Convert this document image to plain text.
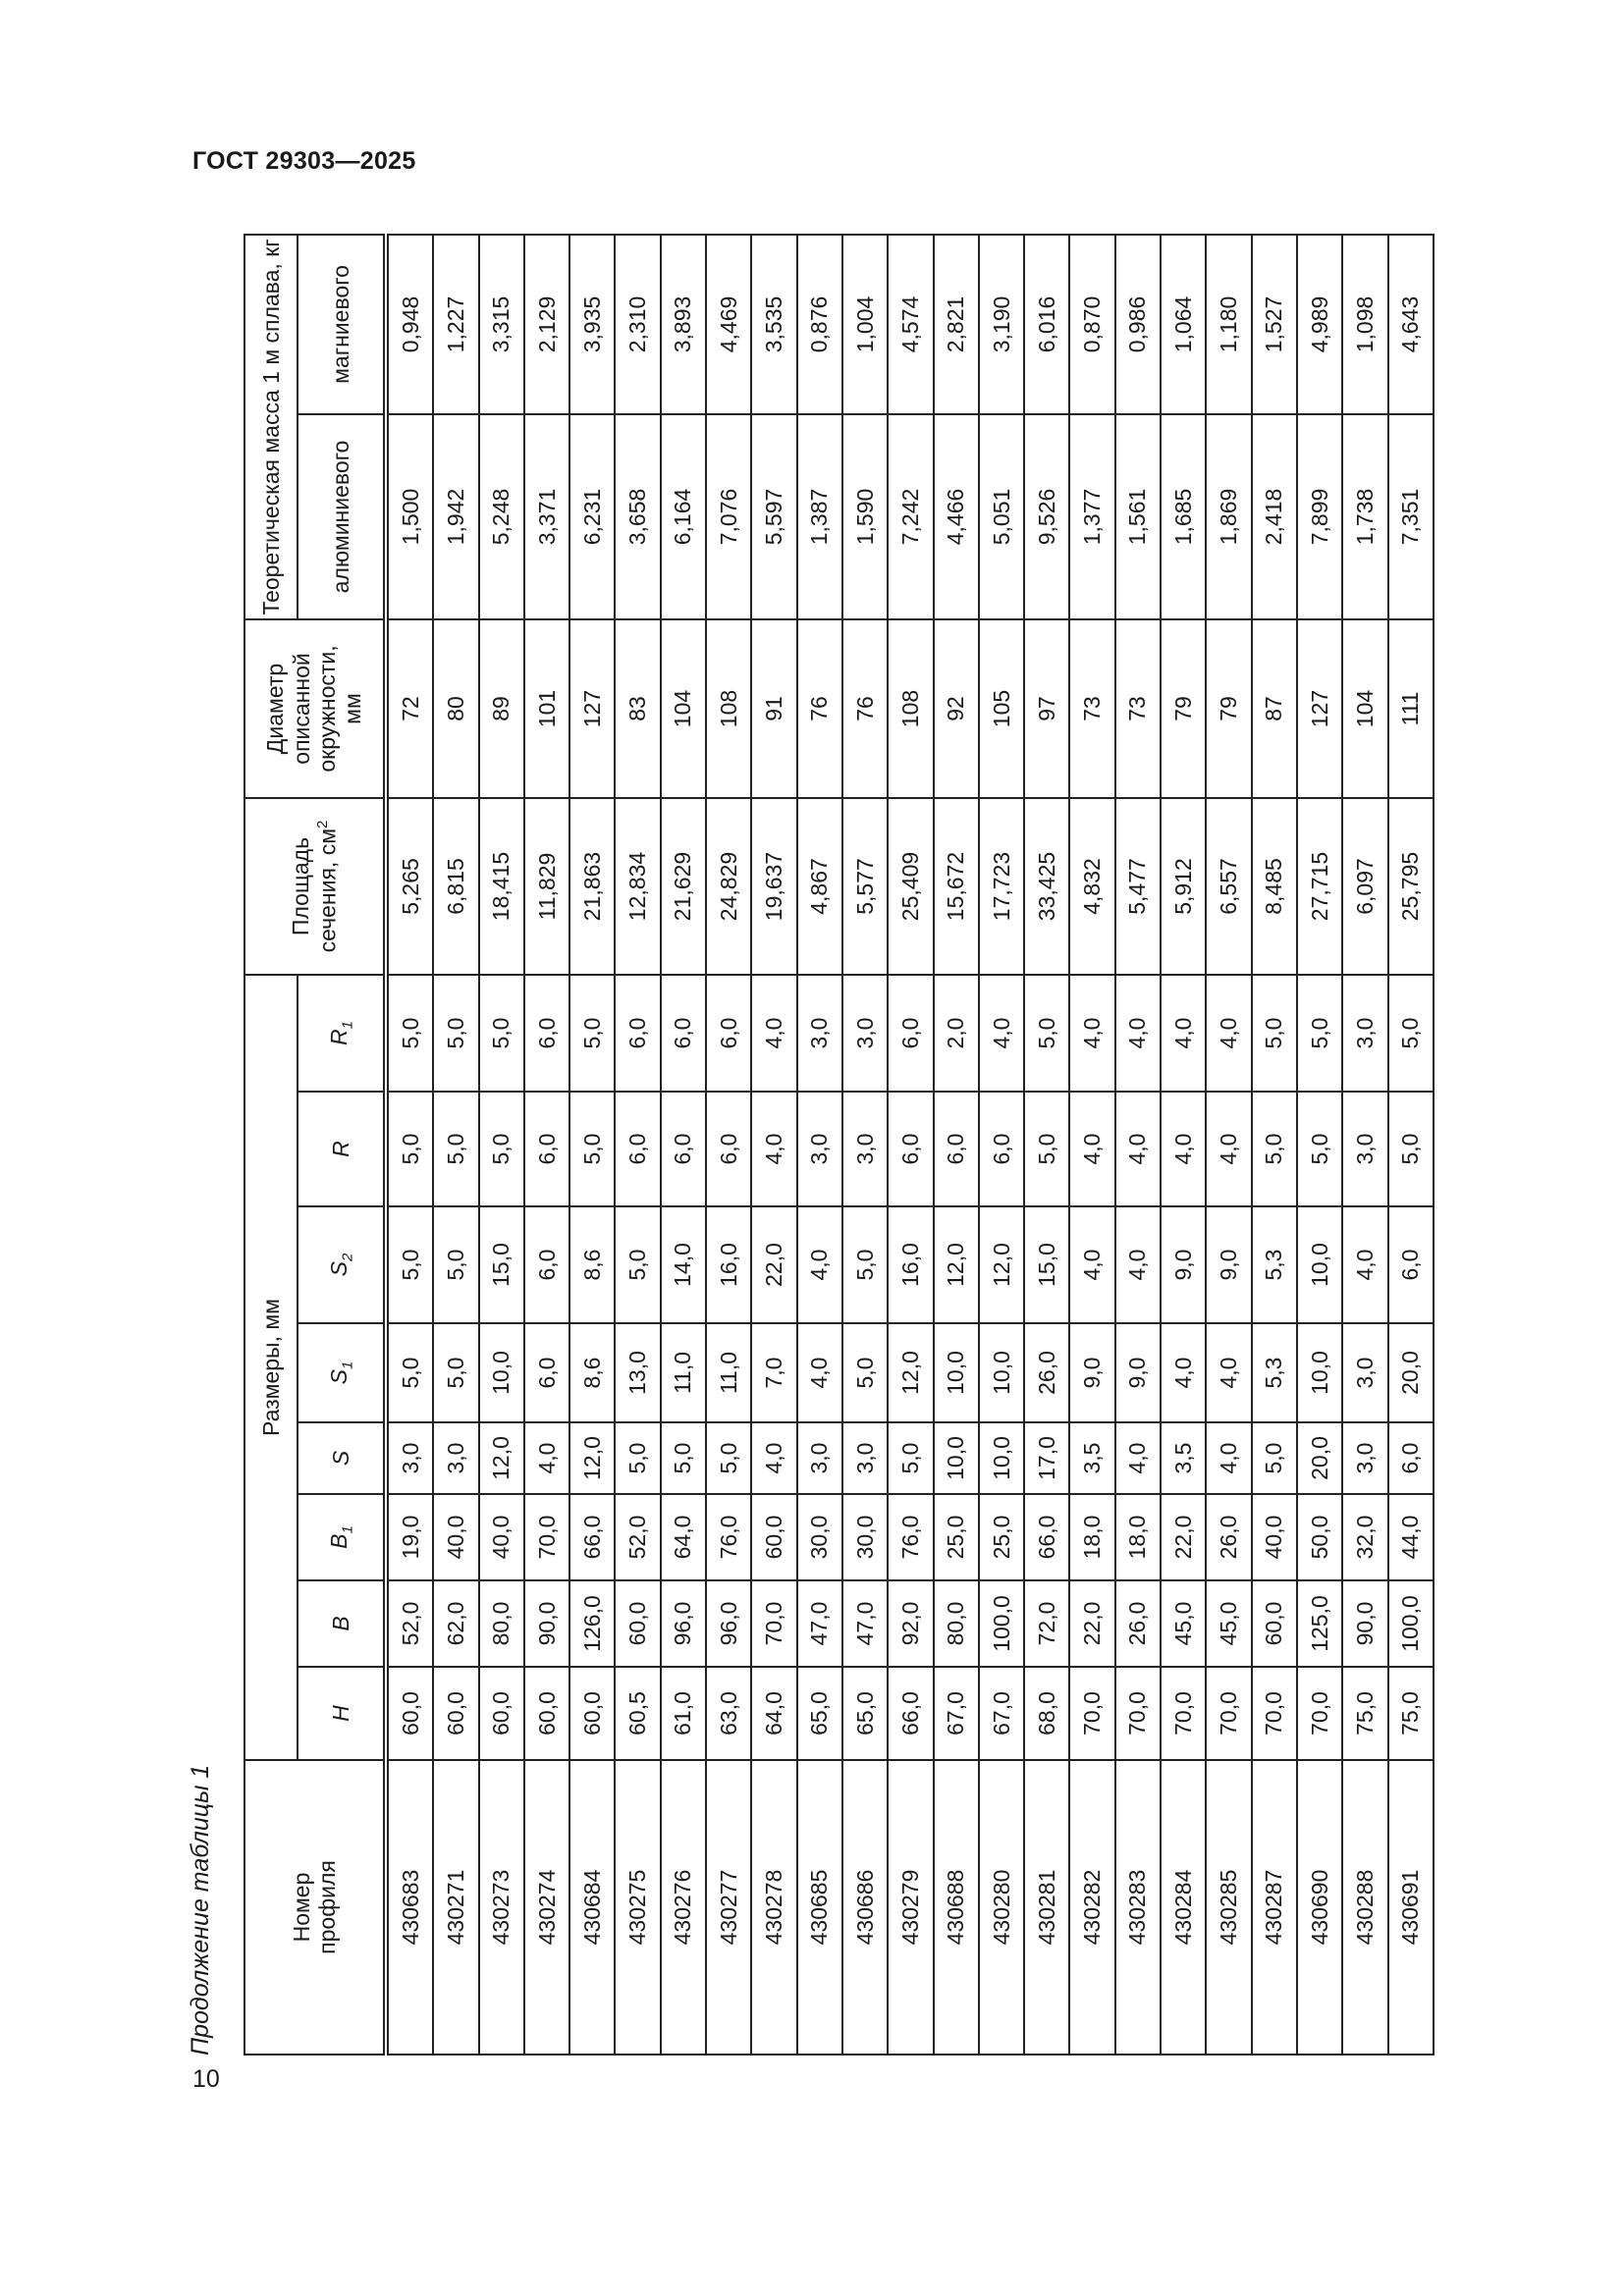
ГОСТ 29303—2025
Продолжение таблицы 1	Номер профиля	Размеры, мм								Площадь сечения, $см^2$	Диаметр описанной окружности, мм	Теоретическая масса 1 м сплава, кг	
	H	B	$B_1$	S	$S_1$	$S_2$	R	$R_1$			алюминиевого	магниевого
430683	60,0	52,0	19,0	3,0	5,0	5,0	5,0	5,0	5,265	72	1,500	0,948
430271	60,0	62,0	40,0	3,0	5,0	5,0	5,0	5,0	6,815	80	1,942	1,227
430273	60,0	80,0	40,0	12,0	10,0	15,0	5,0	5,0	18,415	89	5,248	3,315
430274	60,0	90,0	70,0	4,0	6,0	6,0	6,0	6,0	11,829	101	3,371	2,129
430684	60,0	126,0	66,0	12,0	8,6	8,6	5,0	5,0	21,863	127	6,231	3,935
430275	60,5	60,0	52,0	5,0	13,0	5,0	6,0	6,0	12,834	83	3,658	2,310
430276	61,0	96,0	64,0	5,0	11,0	14,0	6,0	6,0	21,629	104	6,164	3,893
430277	63,0	96,0	76,0	5,0	11,0	16,0	6,0	6,0	24,829	108	7,076	4,469
430278	64,0	70,0	60,0	4,0	7,0	22,0	4,0	4,0	19,637	91	5,597	3,535
430685	65,0	47,0	30,0	3,0	4,0	4,0	3,0	3,0	4,867	76	1,387	0,876
430686	65,0	47,0	30,0	3,0	5,0	5,0	3,0	3,0	5,577	76	1,590	1,004
430279	66,0	92,0	76,0	5,0	12,0	16,0	6,0	6,0	25,409	108	7,242	4,574
430688	67,0	80,0	25,0	10,0	10,0	12,0	6,0	2,0	15,672	92	4,466	2,821
430280	67,0	100,0	25,0	10,0	10,0	12,0	6,0	4,0	17,723	105	5,051	3,190
430281	68,0	72,0	66,0	17,0	26,0	15,0	5,0	5,0	33,425	97	9,526	6,016
430282	70,0	22,0	18,0	3,5	9,0	4,0	4,0	4,0	4,832	73	1,377	0,870
430283	70,0	26,0	18,0	4,0	9,0	4,0	4,0	4,0	5,477	73	1,561	0,986
430284	70,0	45,0	22,0	3,5	4,0	9,0	4,0	4,0	5,912	79	1,685	1,064
430285	70,0	45,0	26,0	4,0	4,0	9,0	4,0	4,0	6,557	79	1,869	1,180
430287	70,0	60,0	40,0	5,0	5,3	5,3	5,0	5,0	8,485	87	2,418	1,527
430690	70,0	125,0	50,0	20,0	10,0	10,0	5,0	5,0	27,715	127	7,899	4,989
430288	75,0	90,0	32,0	3,0	3,0	4,0	3,0	3,0	6,097	104	1,738	1,098
430691	75,0	100,0	44,0	6,0	20,0	6,0	5,0	5,0	25,795	111	7,351	4,643
10
